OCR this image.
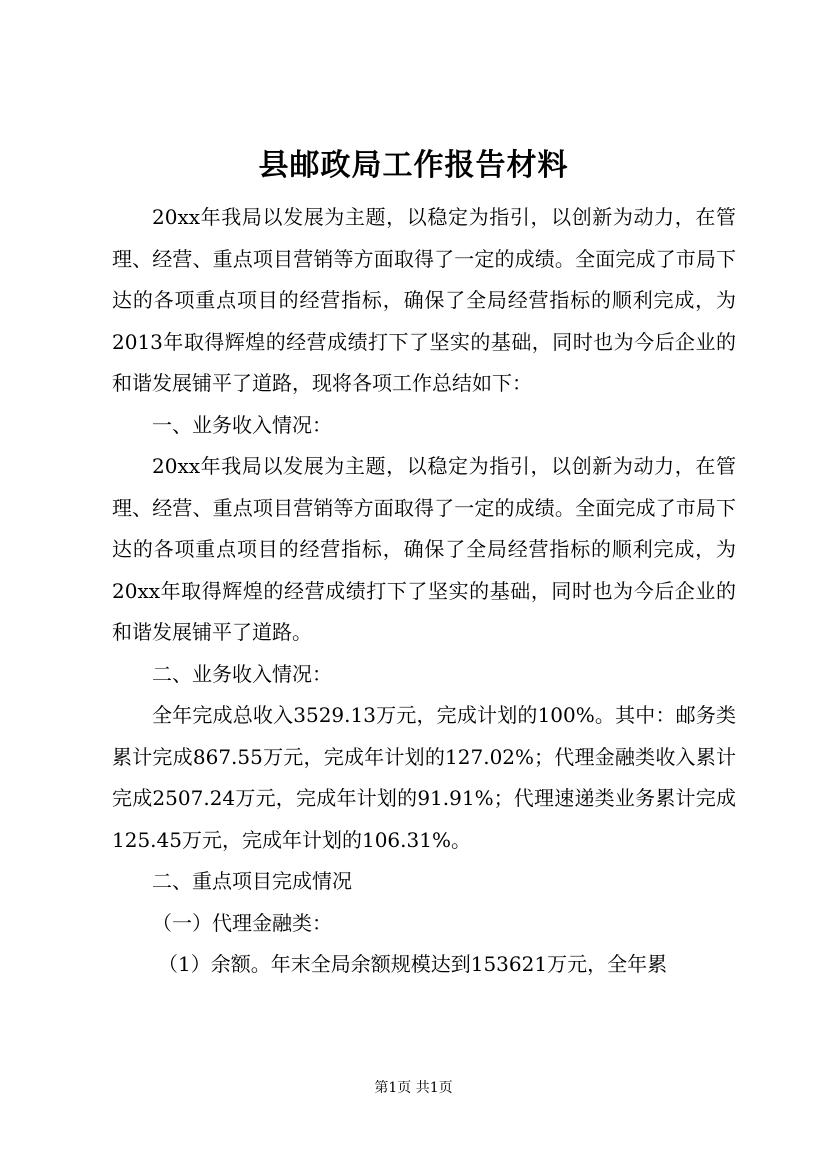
县邮政局工作报告材料

20xx年我局以发展为主题，以稳定为指引，以创新为动力，在管理、经营、重点项目营销等方面取得了一定的成绩。全面完成了市局下达的各项重点项目的经营指标，确保了全局经营指标的顺利完成，为2013年取得辉煌的经营成绩打下了坚实的基础，同时也为今后企业的和谐发展铺平了道路，现将各项工作总结如下：

一、业务收入情况：

20xx年我局以发展为主题，以稳定为指引，以创新为动力，在管理、经营、重点项目营销等方面取得了一定的成绩。全面完成了市局下达的各项重点项目的经营指标，确保了全局经营指标的顺利完成，为20xx年取得辉煌的经营成绩打下了坚实的基础，同时也为今后企业的和谐发展铺平了道路。

二、业务收入情况：

全年完成总收入3529.13万元，完成计划的100%。其中：邮务类累计完成867.55万元，完成年计划的127.02%；代理金融类收入累计完成2507.24万元，完成年计划的91.91%；代理速递类业务累计完成125.45万元，完成年计划的106.31%。

二、重点项目完成情况

（一）代理金融类：

（1）余额。年末全局余额规模达到153621万元，全年累

第1页 共1页
